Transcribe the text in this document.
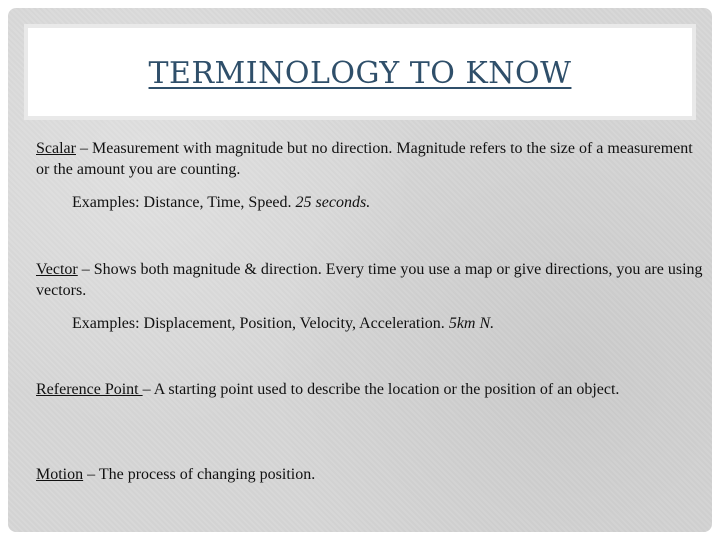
TERMINOLOGY TO KNOW
Scalar – Measurement with magnitude but no direction. Magnitude refers to the size of a measurement or the amount you are counting.
Examples: Distance, Time, Speed. 25 seconds.
Vector – Shows both magnitude & direction. Every time you use a map or give directions, you are using vectors.
Examples: Displacement, Position, Velocity, Acceleration. 5km N.
Reference Point – A starting point used to describe the location or the position of an object.
Motion – The process of changing position.
